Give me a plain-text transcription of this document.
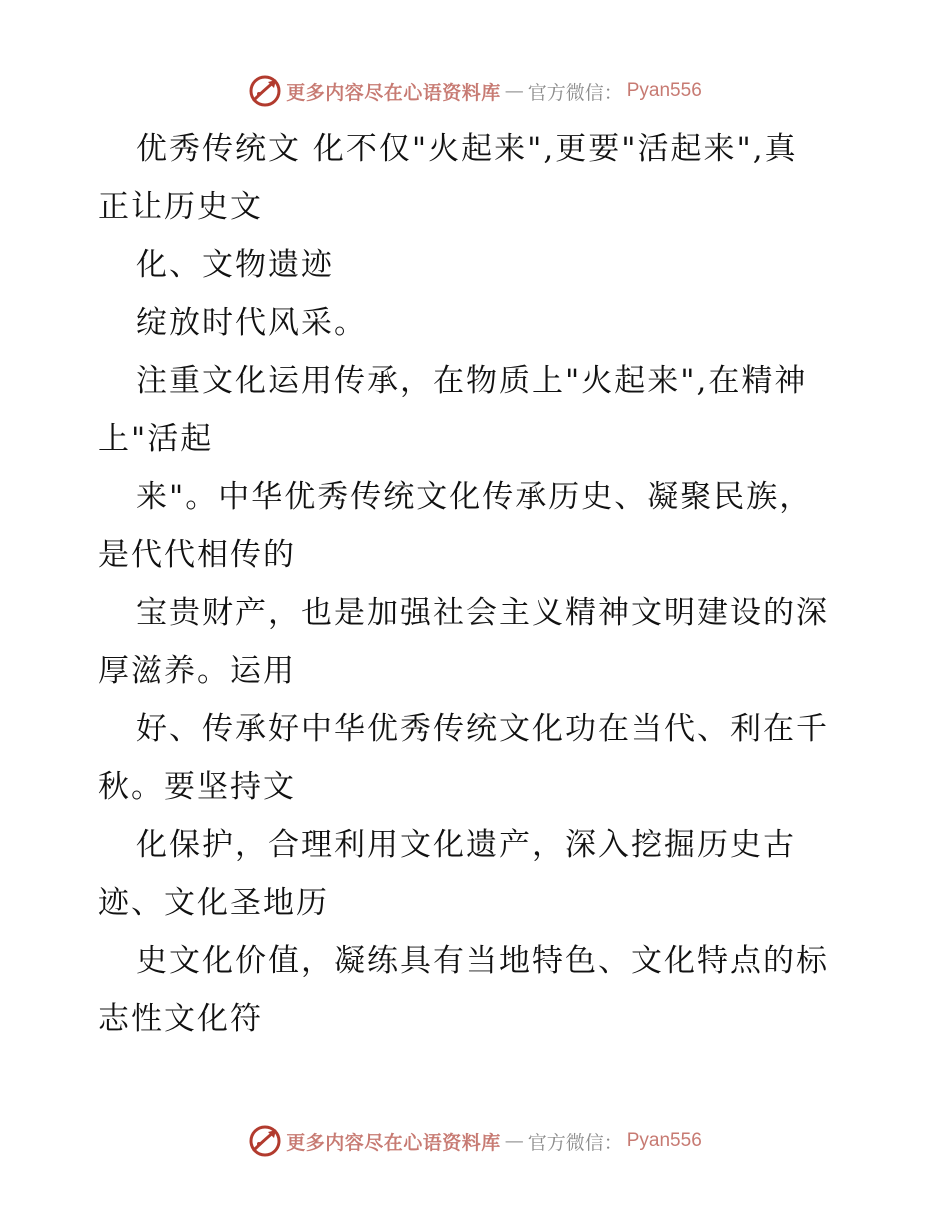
更多内容尽在心语资料库 — 官方微信： Pyan556
优秀传统文 化不仅"火起来",更要"活起来",真
正让历史文
化、文物遗迹
绽放时代风采。
注重文化运用传承，在物质上"火起来",在精神
上"活起
来"。中华优秀传统文化传承历史、凝聚民族，
是代代相传的
宝贵财产，也是加强社会主义精神文明建设的深
厚滋养。运用
好、传承好中华优秀传统文化功在当代、利在千
秋。要坚持文
化保护，合理利用文化遗产，深入挖掘历史古
迹、文化圣地历
史文化价值，凝练具有当地特色、文化特点的标
志性文化符
更多内容尽在心语资料库 — 官方微信： Pyan556
